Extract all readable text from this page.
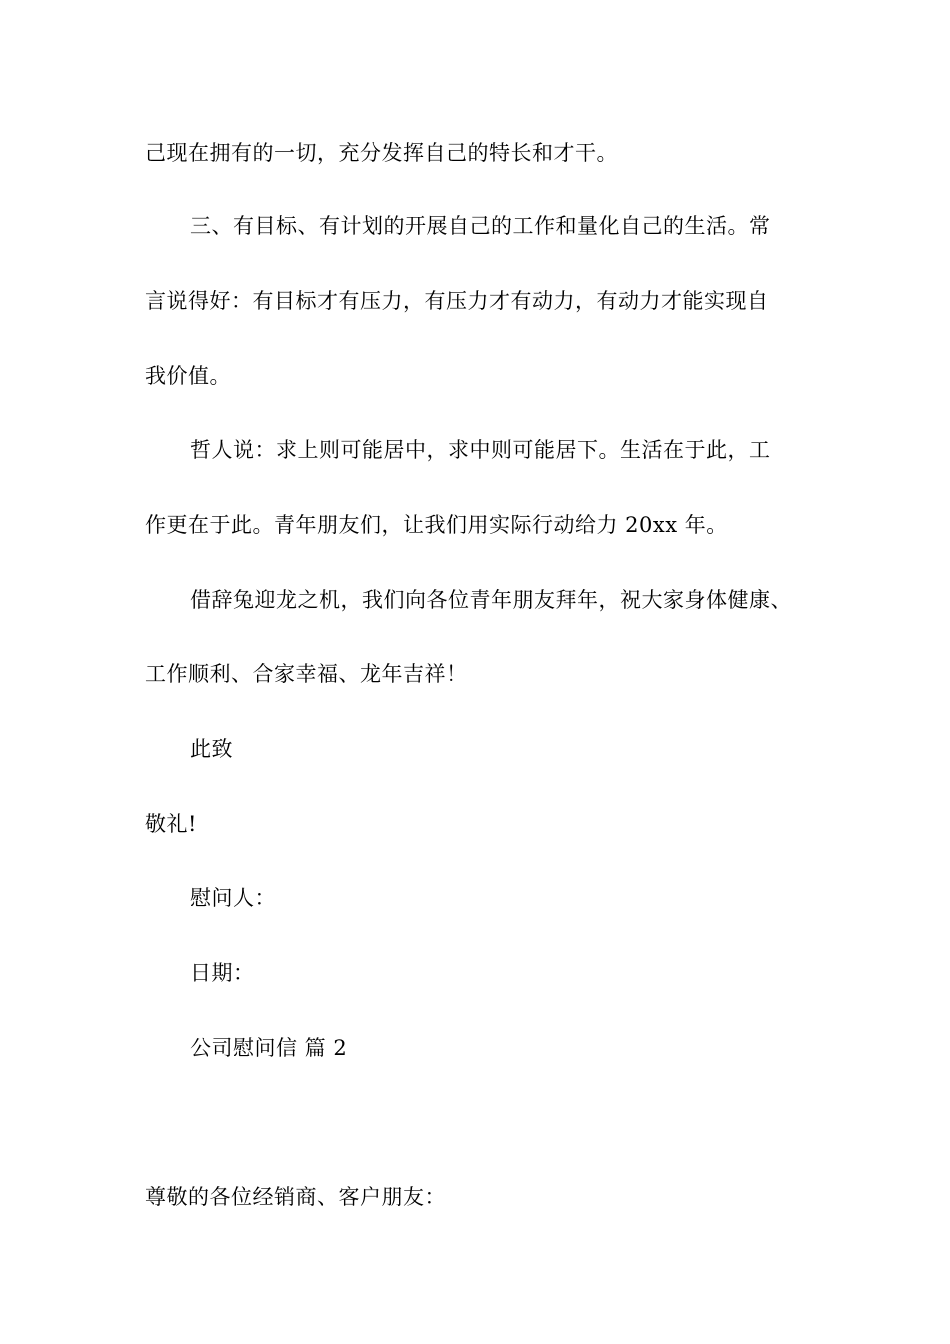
己现在拥有的一切，充分发挥自己的特长和才干。
三、有目标、有计划的开展自己的工作和量化自己的生活。常
言说得好：有目标才有压力，有压力才有动力，有动力才能实现自
我价值。
哲人说：求上则可能居中，求中则可能居下。生活在于此，工
作更在于此。青年朋友们，让我们用实际行动给力 20xx 年。
借辞兔迎龙之机，我们向各位青年朋友拜年，祝大家身体健康、
工作顺利、合家幸福、龙年吉祥！
此致
敬礼!
慰问人：
日期：
公司慰问信 篇 2
尊敬的各位经销商、客户朋友：
